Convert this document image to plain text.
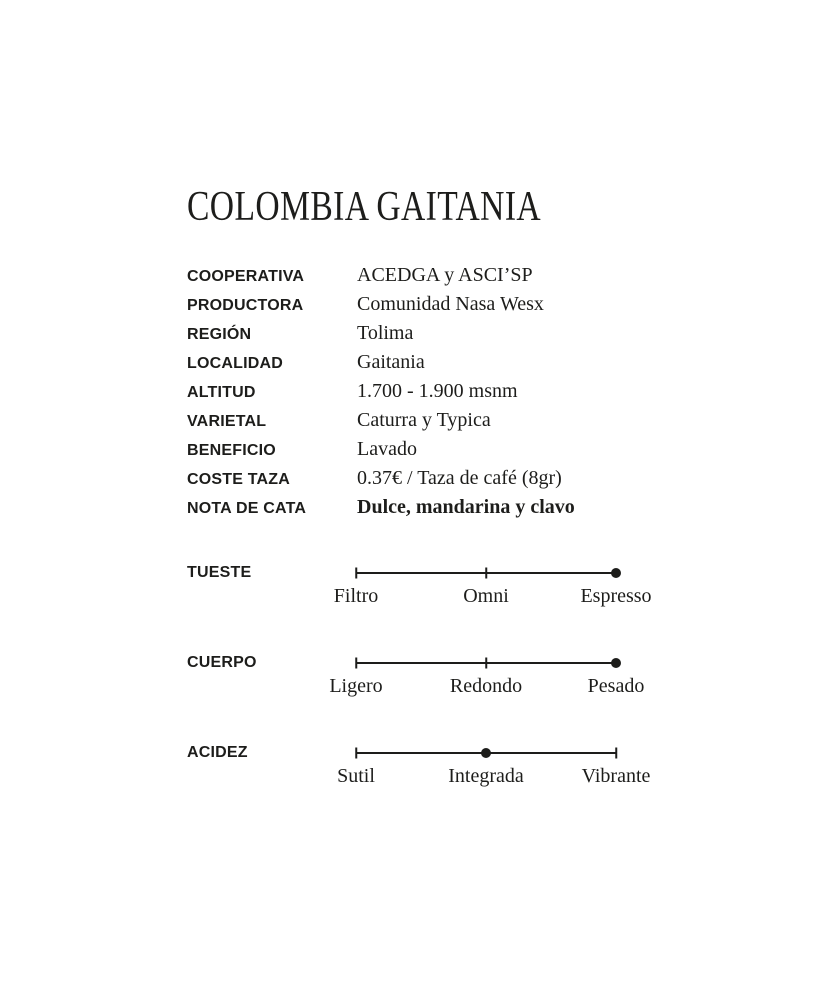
COLOMBIA GAITANIA
COOPERATIVA	ACEDGA y ASCI’SP
PRODUCTORA	Comunidad Nasa Wesx
REGIÓN	Tolima
LOCALIDAD	Gaitania
ALTITUD	1.700 - 1.900 msnm
VARIETAL	Caturra y Typica
BENEFICIO	Lavado
COSTE TAZA	0.37€ / Taza de café (8gr)
NOTA DE CATA	Dulce, mandarina y clavo
TUESTE
Filtro	Omni	Espresso
CUERPO
Ligero	Redondo	Pesado
ACIDEZ
Sutil	Integrada	Vibrante
